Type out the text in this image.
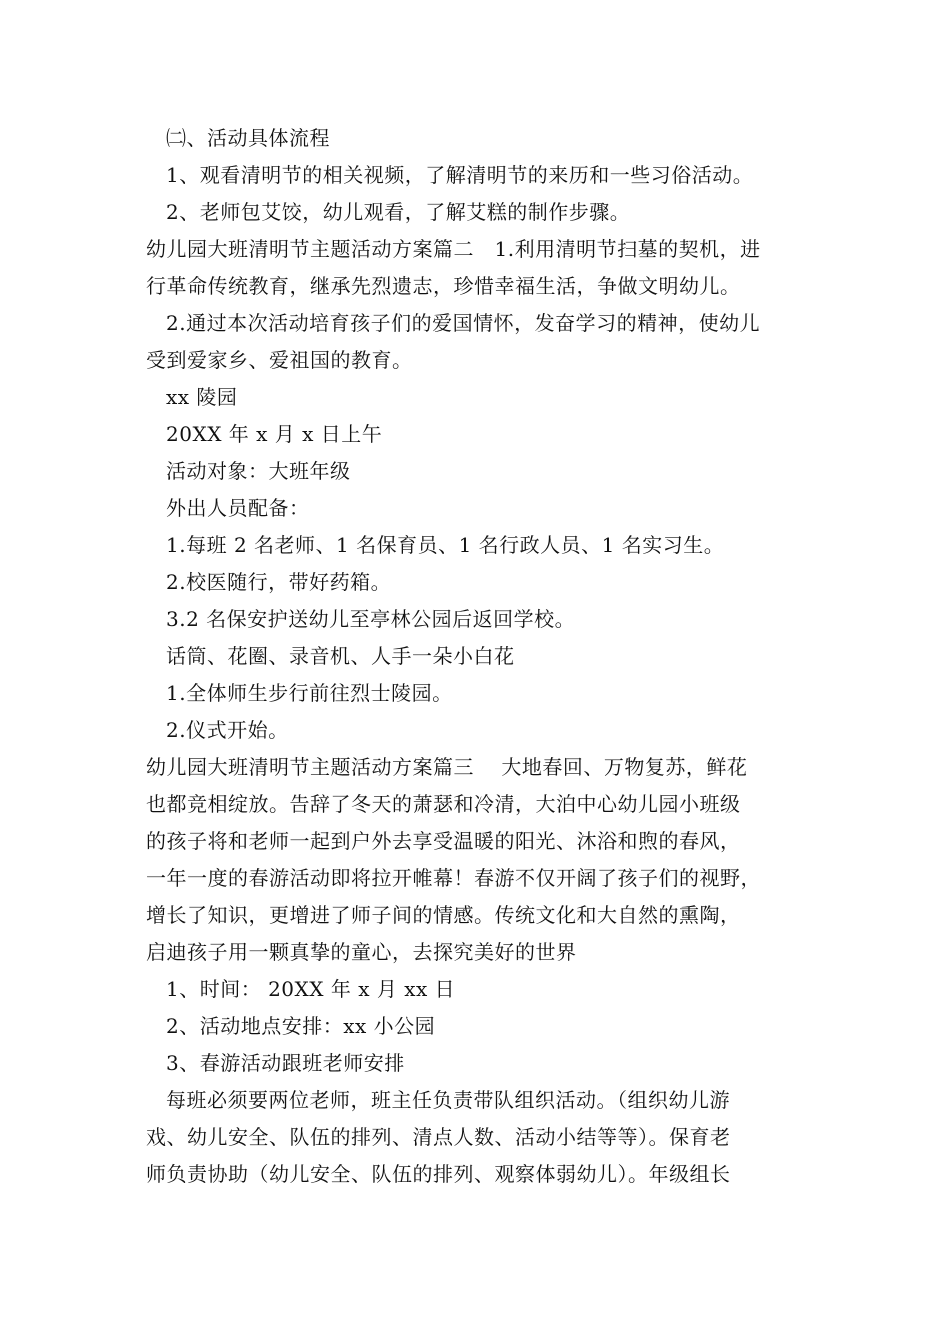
㈡、活动具体流程
1、观看清明节的相关视频，了解清明节的来历和一些习俗活动。
2、老师包艾饺，幼儿观看，了解艾糕的制作步骤。
幼儿园大班清明节主题活动方案篇二　1.利用清明节扫墓的契机，进
行革命传统教育，继承先烈遗志，珍惜幸福生活，争做文明幼儿。
2.通过本次活动培育孩子们的爱国情怀，发奋学习的精神，使幼儿
受到爱家乡、爱祖国的教育。
xx 陵园
20XX 年 x 月 x 日上午
活动对象：大班年级
外出人员配备：
1.每班 2 名老师、1 名保育员、1 名行政人员、1 名实习生。
2.校医随行，带好药箱。
3.2 名保安护送幼儿至亭林公园后返回学校。
话筒、花圈、录音机、人手一朵小白花
1.全体师生步行前往烈士陵园。
2.仪式开始。
幼儿园大班清明节主题活动方案篇三　 大地春回、万物复苏，鲜花
也都竞相绽放。告辞了冬天的萧瑟和冷清，大泊中心幼儿园小班级
的孩子将和老师一起到户外去享受温暖的阳光、沐浴和煦的春风，
一年一度的春游活动即将拉开帷幕！春游不仅开阔了孩子们的视野，
增长了知识，更增进了师子间的情感。传统文化和大自然的熏陶，
启迪孩子用一颗真挚的童心，去探究美好的世界
1、时间： 20XX 年 x 月 xx 日
2、活动地点安排：xx 小公园
3、春游活动跟班老师安排
每班必须要两位老师，班主任负责带队组织活动。（组织幼儿游
戏、幼儿安全、队伍的排列、清点人数、活动小结等等）。保育老
师负责协助（幼儿安全、队伍的排列、观察体弱幼儿）。年级组长
